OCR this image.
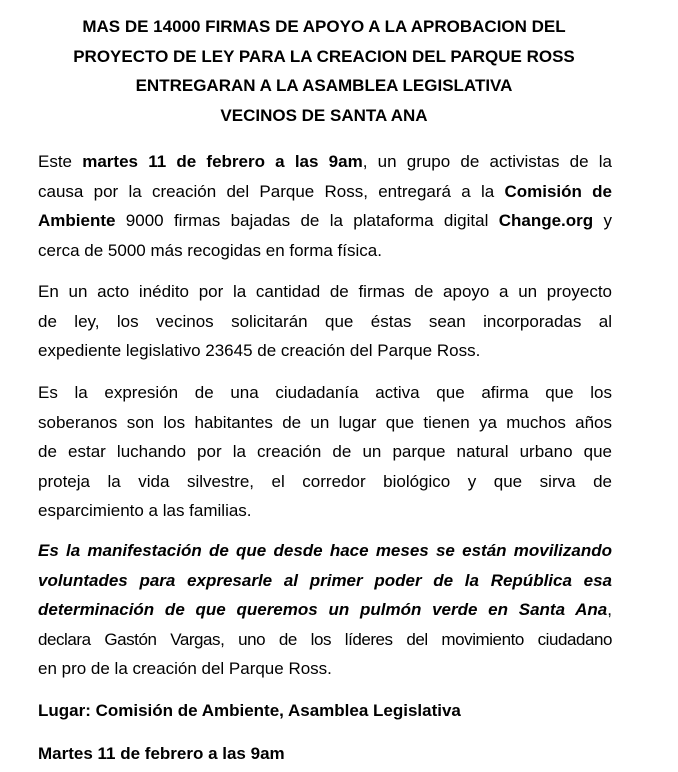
MAS DE 14000 FIRMAS DE APOYO A LA APROBACION DEL
PROYECTO DE LEY PARA LA CREACION DEL PARQUE ROSS
ENTREGARAN A LA ASAMBLEA LEGISLATIVA
VECINOS DE SANTA ANA
Este martes 11 de febrero a las 9am, un grupo de activistas de la
causa por la creación del Parque Ross, entregará a la Comisión de
Ambiente 9000 firmas bajadas de la plataforma digital Change.org y
cerca de 5000 más recogidas en forma física.
En un acto inédito por la cantidad de firmas de apoyo a un proyecto
de ley, los vecinos solicitarán que éstas sean incorporadas al
expediente legislativo 23645 de creación del Parque Ross.
Es la expresión de una ciudadanía activa que afirma que los
soberanos son los habitantes de un lugar que tienen ya muchos años
de estar luchando por la creación de un parque natural urbano que
proteja la vida silvestre, el corredor biológico y que sirva de
esparcimiento a las familias.
Es la manifestación de que desde hace meses se están movilizando
voluntades para expresarle al primer poder de la República esa
determinación de que queremos un pulmón verde en Santa Ana,
declara Gastón Vargas, uno de los líderes del movimiento ciudadano
en pro de la creación del Parque Ross.
Lugar: Comisión de Ambiente, Asamblea Legislativa
Martes 11 de febrero a las 9am
